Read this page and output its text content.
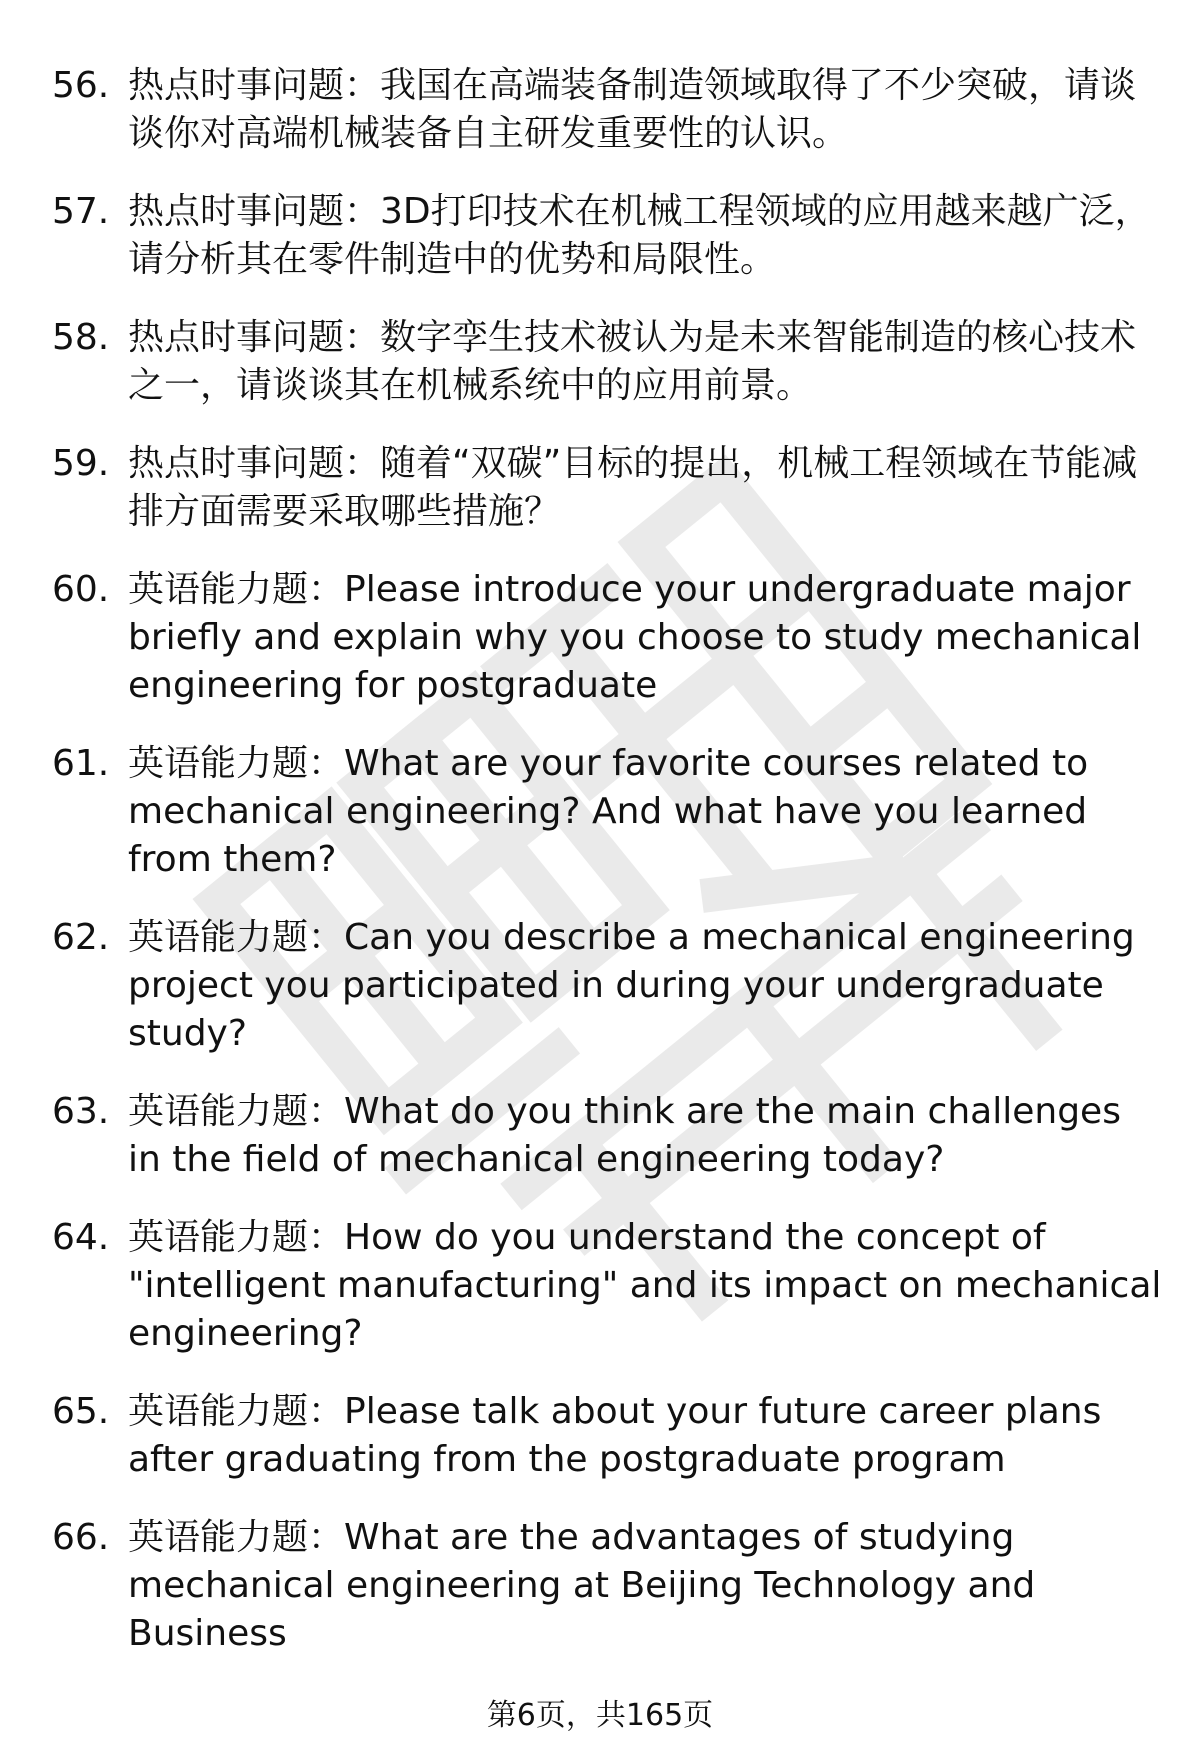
56. 热点时事问题：我国在高端装备制造领域取得了不少突破，请谈谈你对高端机械装备自主研发重要性的认识。
57. 热点时事问题：3D打印技术在机械工程领域的应用越来越广泛，请分析其在零件制造中的优势和局限性。
58. 热点时事问题：数字孪生技术被认为是未来智能制造的核心技术之一，请谈谈其在机械系统中的应用前景。
59. 热点时事问题：随着“双碳”目标的提出，机械工程领域在节能减排方面需要采取哪些措施？
60. 英语能力题：Please introduce your undergraduate major briefly and explain why you choose to study mechanical engineering for postgraduate
61. 英语能力题：What are your favorite courses related to mechanical engineering? And what have you learned from them?
62. 英语能力题：Can you describe a mechanical engineering project you participated in during your undergraduate study?
63. 英语能力题：What do you think are the main challenges in the field of mechanical engineering today?
64. 英语能力题：How do you understand the concept of "intelligent manufacturing" and its impact on mechanical engineering?
65. 英语能力题：Please talk about your future career plans after graduating from the postgraduate program
66. 英语能力题：What are the advantages of studying mechanical engineering at Beijing Technology and Business
第6页，共165页
